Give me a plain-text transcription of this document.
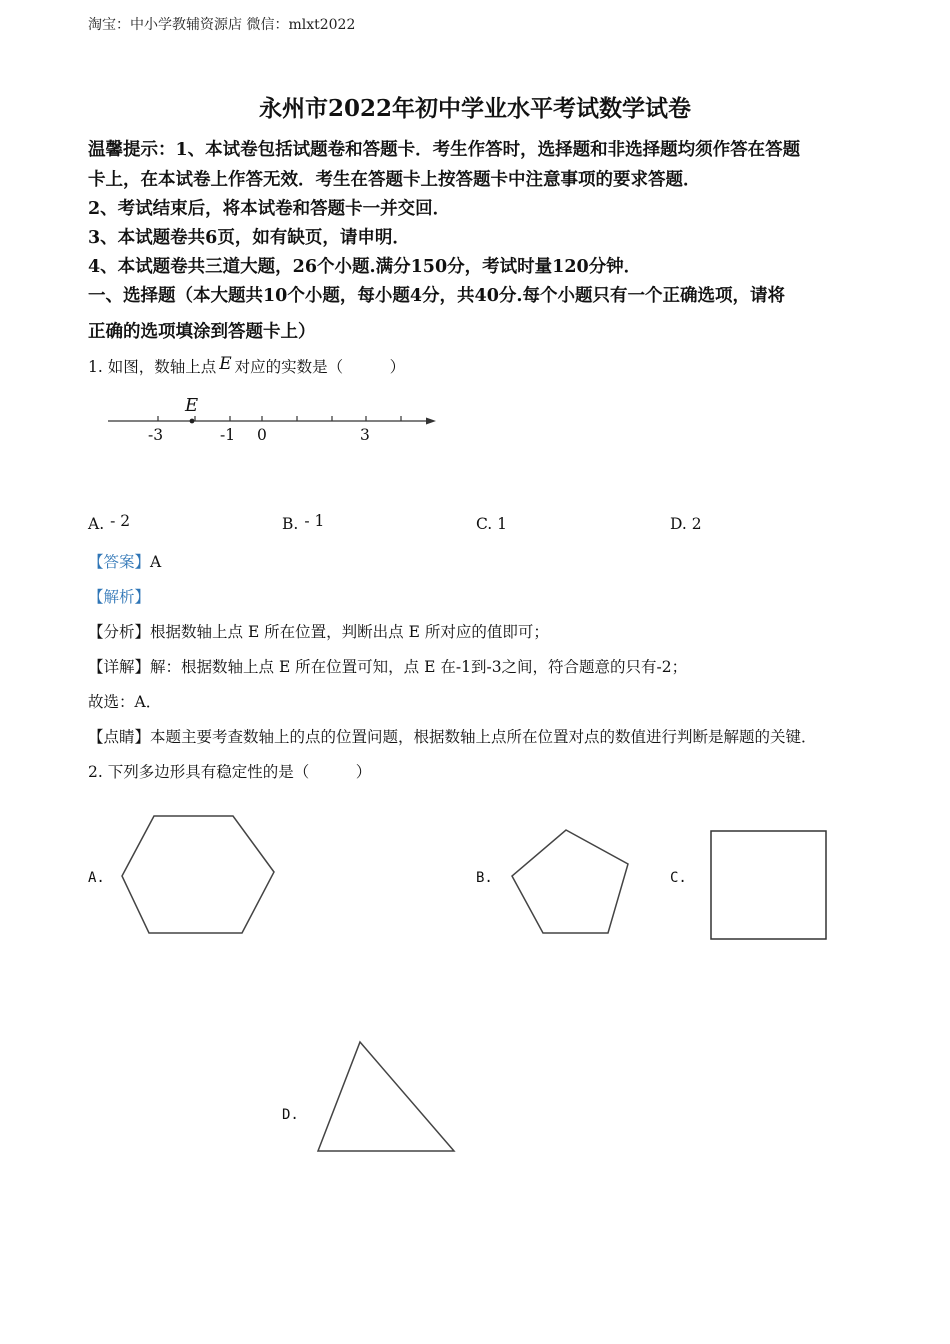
淘宝：中小学教辅资源店 微信：mlxt2022
永州市2022年初中学业水平考试数学试卷
温馨提示：1、本试卷包括试题卷和答题卡．考生作答时，选择题和非选择题均须作答在答题
卡上，在本试卷上作答无效．考生在答题卡上按答题卡中注意事项的要求答题．
2、考试结束后，将本试卷和答题卡一并交回．
3、本试题卷共6页，如有缺页，请申明．
4、本试题卷共三道大题，26个小题.满分150分，考试时量120分钟．
一、选择题（本大题共10个小题，每小题4分，共40分.每个小题只有一个正确选项，请将
正确的选项填涂到答题卡上）
1. 如图，数轴上点 E 对应的实数是（　　　）
E
-3	-1 0	3
A. - 2	B. - 1	C. 1	D. 2
【答案】A
【解析】
【分析】根据数轴上点 E 所在位置，判断出点 E 所对应的值即可；
【详解】解：根据数轴上点 E 所在位置可知，点 E 在-1到-3之间，符合题意的只有-2；
故选：A．
【点睛】本题主要考查数轴上的点的位置问题，根据数轴上点所在位置对点的数值进行判断是解题的关键．
2. 下列多边形具有稳定性的是（　　　）
A.	B.	C.
D.
